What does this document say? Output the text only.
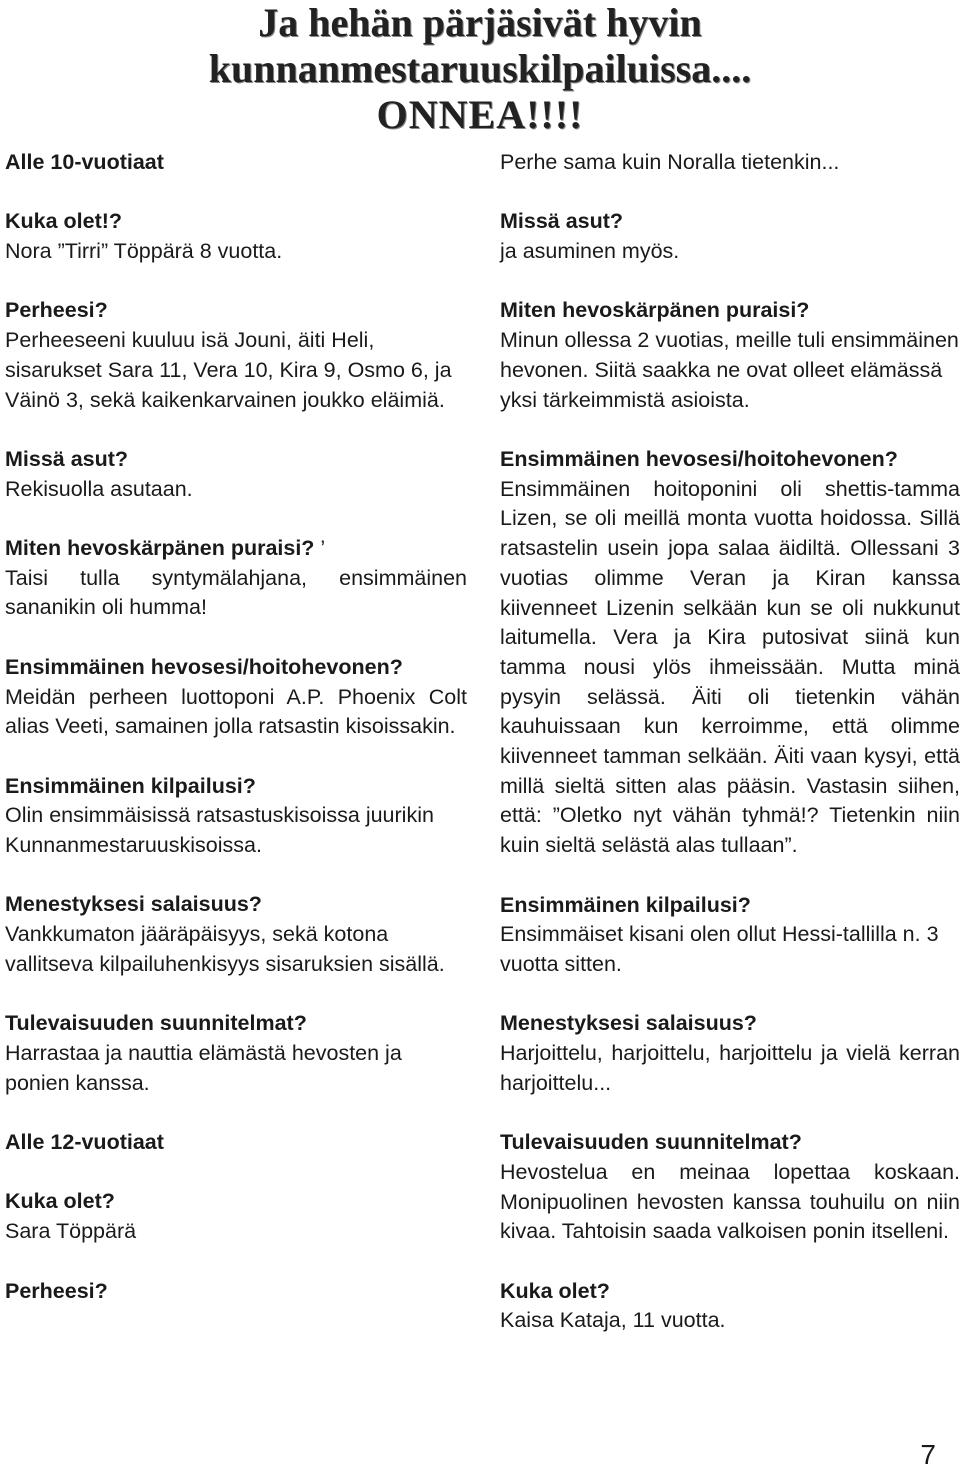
Ja hehän pärjäsivät hyvin
kunnanmestaruuskilpailuissa....
ONNEA!!!!
Alle 10-vuotiaat
Kuka olet!?
Nora ”Tirri” Töppärä 8 vuotta.
Perheesi?
Perheeseeni kuuluu isä Jouni, äiti Heli, sisarukset Sara 11, Vera 10, Kira 9, Osmo 6, ja Väinö 3, sekä kaikenkarvainen joukko eläimiä.
Missä asut?
Rekisuolla asutaan.
Miten hevoskärpänen puraisi? ’
Taisi tulla syntymälahjana, ensimmäinen sananikin oli humma!
Ensimmäinen hevosesi/hoitohevonen?
Meidän perheen luottoponi A.P. Phoenix Colt alias Veeti, samainen jolla ratsastin kisoissakin.
Ensimmäinen kilpailusi?
Olin ensimmäisissä ratsastuskisoissa juurikin Kunnanmestaruuskisoissa.
Menestyksesi salaisuus?
Vankkumaton jääräpäisyys, sekä kotona vallitseva kilpailuhenkisyys sisaruksien sisällä.
Tulevaisuuden suunnitelmat?
Harrastaa ja nauttia elämästä hevosten ja ponien kanssa.
Alle 12-vuotiaat
Kuka olet?
Sara Töppärä
Perheesi?
Perhe sama kuin Noralla tietenkin...
Missä asut?
ja asuminen myös.
Miten hevoskärpänen puraisi?
Minun ollessa 2 vuotias, meille tuli ensimmäinen hevonen. Siitä saakka ne ovat olleet elämässä yksi tärkeimmistä asioista.
Ensimmäinen hevosesi/hoitohevonen?
Ensimmäinen hoitoponini oli shettis-tamma Lizen, se oli meillä monta vuotta hoidossa. Sillä ratsastelin usein jopa salaa äidiltä. Ollessani 3 vuotias olimme Veran ja Kiran kanssa kiivenneet Lizenin selkään kun se oli nukkunut laitumella. Vera ja Kira putosivat siinä kun tamma nousi ylös ihmeissään. Mutta minä pysyin selässä. Äiti oli tietenkin vähän kauhuissaan kun kerroimme, että olimme kiivenneet tamman selkään. Äiti vaan kysyi, että millä sieltä sitten alas pääsin. Vastasin siihen, että: ”Oletko nyt vähän tyhmä!? Tietenkin niin kuin sieltä selästä alas tullaan”.
Ensimmäinen kilpailusi?
Ensimmäiset kisani olen ollut Hessi-tallilla n. 3 vuotta sitten.
Menestyksesi salaisuus?
Harjoittelu, harjoittelu, harjoittelu ja vielä kerran harjoittelu...
Tulevaisuuden suunnitelmat?
Hevostelua en meinaa lopettaa koskaan. Monipuolinen hevosten kanssa touhuilu on niin kivaa. Tahtoisin saada valkoisen ponin itselleni.
Kuka olet?
Kaisa Kataja, 11 vuotta.
7
